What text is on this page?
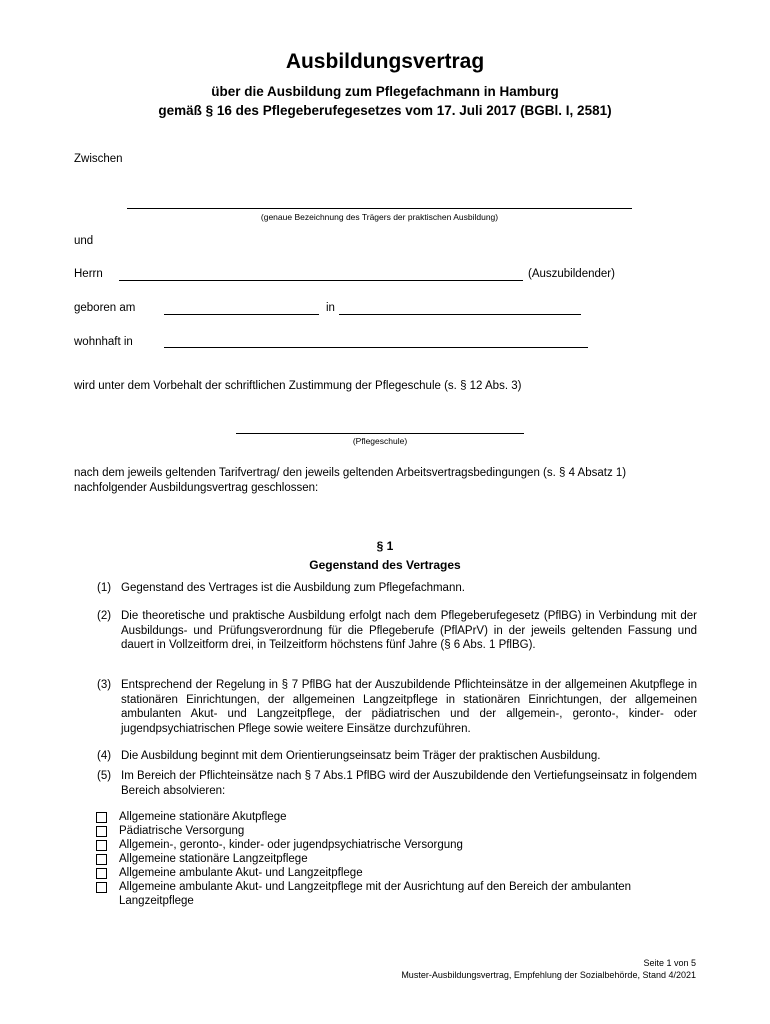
Ausbildungsvertrag
über die Ausbildung zum Pflegefachmann in Hamburg
gemäß § 16 des Pflegeberufegesetzes vom 17. Juli 2017 (BGBl. I, 2581)
Zwischen
(genaue Bezeichnung des Trägers der praktischen Ausbildung)
und
Herrn	(Auszubildender)
geboren am	in
wohnhaft in
wird unter dem Vorbehalt der schriftlichen Zustimmung der Pflegeschule (s. § 12 Abs. 3)
(Pflegeschule)
nach dem jeweils geltenden Tarifvertrag/ den jeweils geltenden Arbeitsvertragsbedingungen (s. § 4 Absatz 1) nachfolgender Ausbildungsvertrag geschlossen:
§ 1
Gegenstand des Vertrages
(1) Gegenstand des Vertrages ist die Ausbildung zum Pflegefachmann.
(2) Die theoretische und praktische Ausbildung erfolgt nach dem Pflegeberufegesetz (PflBG) in Verbindung mit der Ausbildungs- und Prüfungsverordnung für die Pflegeberufe (PflAPrV) in der jeweils geltenden Fassung und dauert in Vollzeitform drei, in Teilzeitform höchstens fünf Jahre (§ 6 Abs. 1 PflBG).
(3) Entsprechend der Regelung in § 7 PflBG hat der Auszubildende Pflichteinsätze in der allgemeinen Akutpflege in stationären Einrichtungen, der allgemeinen Langzeitpflege in stationären Einrichtungen, der allgemeinen ambulanten Akut- und Langzeitpflege, der pädiatrischen und der allgemein-, geronto-, kinder- oder jugendpsychiatrischen Pflege sowie weitere Einsätze durchzuführen.
(4) Die Ausbildung beginnt mit dem Orientierungseinsatz beim Träger der praktischen Ausbildung.
(5) Im Bereich der Pflichteinsätze nach § 7 Abs.1 PflBG wird der Auszubildende den Vertiefungseinsatz in folgendem Bereich absolvieren:
Allgemeine stationäre Akutpflege
Pädiatrische Versorgung
Allgemein-, geronto-, kinder- oder jugendpsychiatrische Versorgung
Allgemeine stationäre Langzeitpflege
Allgemeine ambulante Akut- und Langzeitpflege
Allgemeine ambulante Akut- und Langzeitpflege mit der Ausrichtung auf den Bereich der ambulanten Langzeitpflege
Seite 1 von 5
Muster-Ausbildungsvertrag, Empfehlung der Sozialbehörde, Stand 4/2021
